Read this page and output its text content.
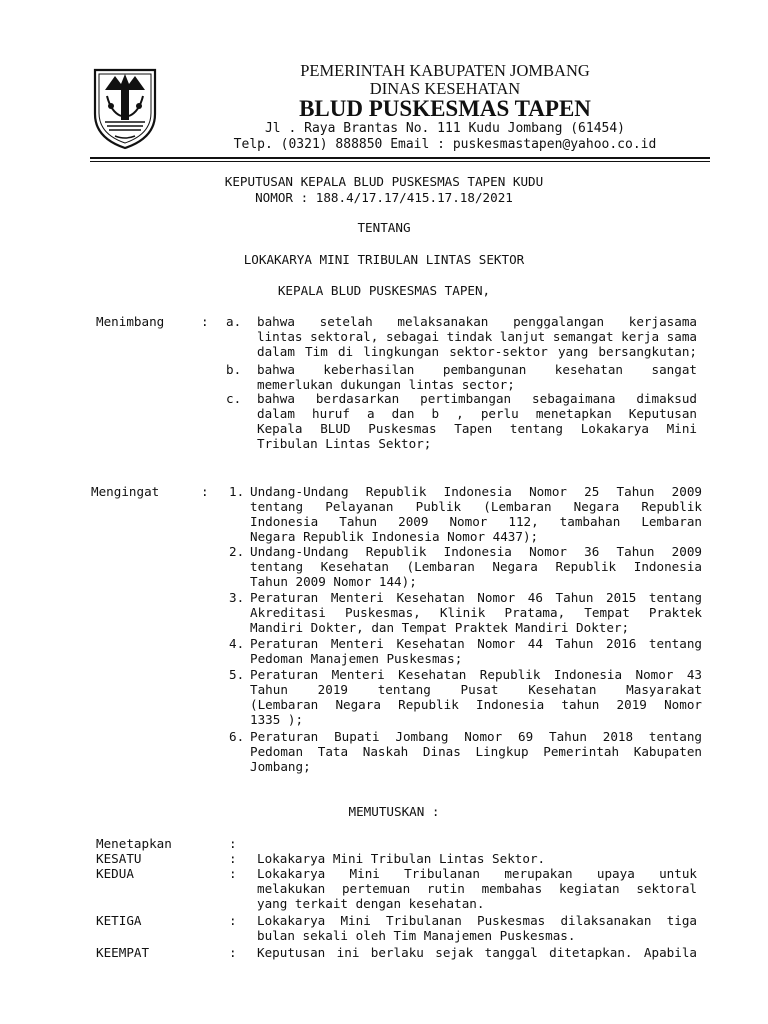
PEMERINTAH KABUPATEN JOMBANG
DINAS KESEHATAN
BLUD PUSKESMAS TAPEN
Jl . Raya Brantas No. 111 Kudu Jombang (61454)
Telp. (0321) 888850 Email : puskesmastapen@yahoo.co.id
KEPUTUSAN KEPALA BLUD PUSKESMAS TAPEN KUDU
NOMOR : 188.4/17.17/415.17.18/2021
TENTANG
LOKAKARYA MINI TRIBULAN LINTAS SEKTOR
KEPALA BLUD PUSKESMAS TAPEN,
Menimbang	: a. bahwa setelah melaksanakan penggalangan kerjasama
lintas sektoral, sebagai tindak lanjut semangat kerja sama
dalam Tim di lingkungan sektor-sektor yang bersangkutan;
b. bahwa keberhasilan pembangunan kesehatan sangat
memerlukan dukungan lintas sector;
c. bahwa berdasarkan pertimbangan sebagaimana dimaksud
dalam huruf a dan b , perlu menetapkan Keputusan
Kepala BLUD Puskesmas Tapen tentang Lokakarya Mini
Tribulan Lintas Sektor;
Mengingat	: 1. Undang-Undang Republik Indonesia Nomor 25 Tahun 2009
tentang Pelayanan Publik (Lembaran Negara Republik
Indonesia Tahun 2009 Nomor 112, tambahan Lembaran
Negara Republik Indonesia Nomor 4437);
2. Undang-Undang Republik Indonesia Nomor 36 Tahun 2009
tentang Kesehatan (Lembaran Negara Republik Indonesia
Tahun 2009 Nomor 144);
3. Peraturan Menteri Kesehatan Nomor 46 Tahun 2015 tentang
Akreditasi Puskesmas, Klinik Pratama, Tempat Praktek
Mandiri Dokter, dan Tempat Praktek Mandiri Dokter;
4. Peraturan Menteri Kesehatan Nomor 44 Tahun 2016 tentang
Pedoman Manajemen Puskesmas;
5. Peraturan Menteri Kesehatan Republik Indonesia Nomor 43
Tahun 2019 tentang Pusat Kesehatan Masyarakat
(Lembaran Negara Republik Indonesia tahun 2019 Nomor
1335 );
6. Peraturan Bupati Jombang Nomor 69 Tahun 2018 tentang
Pedoman Tata Naskah Dinas Lingkup Pemerintah Kabupaten
Jombang;
MEMUTUSKAN :
Menetapkan	:
KESATU	: Lokakarya Mini Tribulan Lintas Sektor.
KEDUA	: Lokakarya Mini Tribulanan merupakan upaya untuk
melakukan pertemuan rutin membahas kegiatan sektoral
yang terkait dengan kesehatan.
KETIGA	: Lokakarya Mini Tribulanan Puskesmas dilaksanakan tiga
bulan sekali oleh Tim Manajemen Puskesmas.
KEEMPAT	: Keputusan ini berlaku sejak tanggal ditetapkan. Apabila
